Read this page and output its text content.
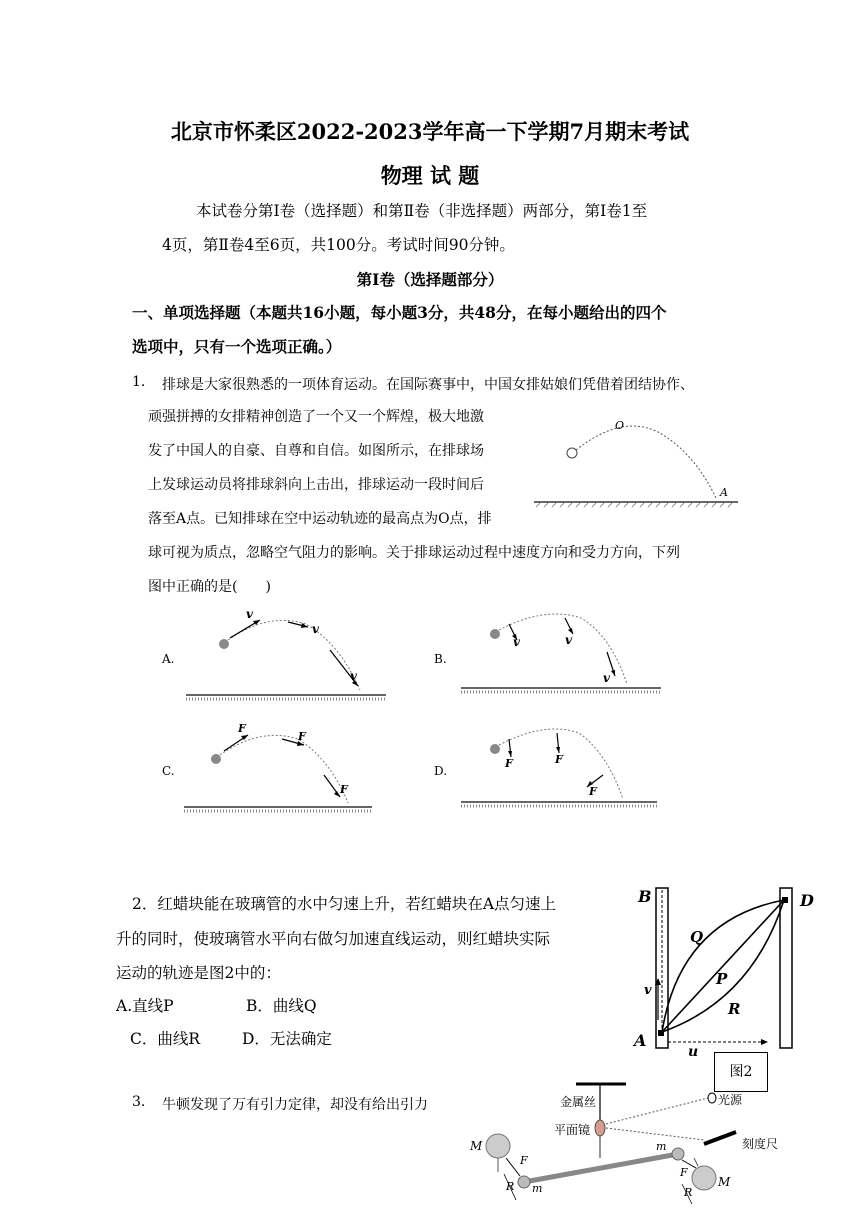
北京市怀柔区2022-2023学年高一下学期7月期末考试
物理 试 题
本试卷分第Ⅰ卷（选择题）和第Ⅱ卷（非选择题）两部分，第Ⅰ卷1至
4页，第Ⅱ卷4至6页，共100分。考试时间90分钟。
第Ⅰ卷（选择题部分）
一、单项选择题（本题共16小题，每小题3分，共48分，在每小题给出的四个
选项中，只有一个选项正确。）
1. 排球是大家很熟悉的一项体育运动。在国际赛事中，中国女排姑娘们凭借着团结协作、
顽强拼搏的女排精神创造了一个又一个辉煌，极大地激
发了中国人的自豪、自尊和自信。如图所示，在排球场
上发球运动员将排球斜向上击出，排球运动一段时间后
落至A点。已知排球在空中运动轨迹的最高点为O点，排
球可视为质点，忽略空气阻力的影响。关于排球运动过程中速度方向和受力方向，下列
图中正确的是(　　)
O
A
A.
v
v
v
B.
v	v
v
C.
F
F
F
D.
F	F
F
2．红蜡块能在玻璃管的水中匀速上升，若红蜡块在A点匀速上
升的同时，使玻璃管水平向右做匀加速直线运动，则红蜡块实际
运动的轨迹是图2中的：
A.直线P	B．曲线Q
C．曲线R	D．无法确定
B	D
Q
P
R
v
A
u
图2
3. 牛顿发现了万有引力定律，却没有给出引力	金属丝
平面镜
光源
刻度尺
M
M
m
m
F
F
R	R
